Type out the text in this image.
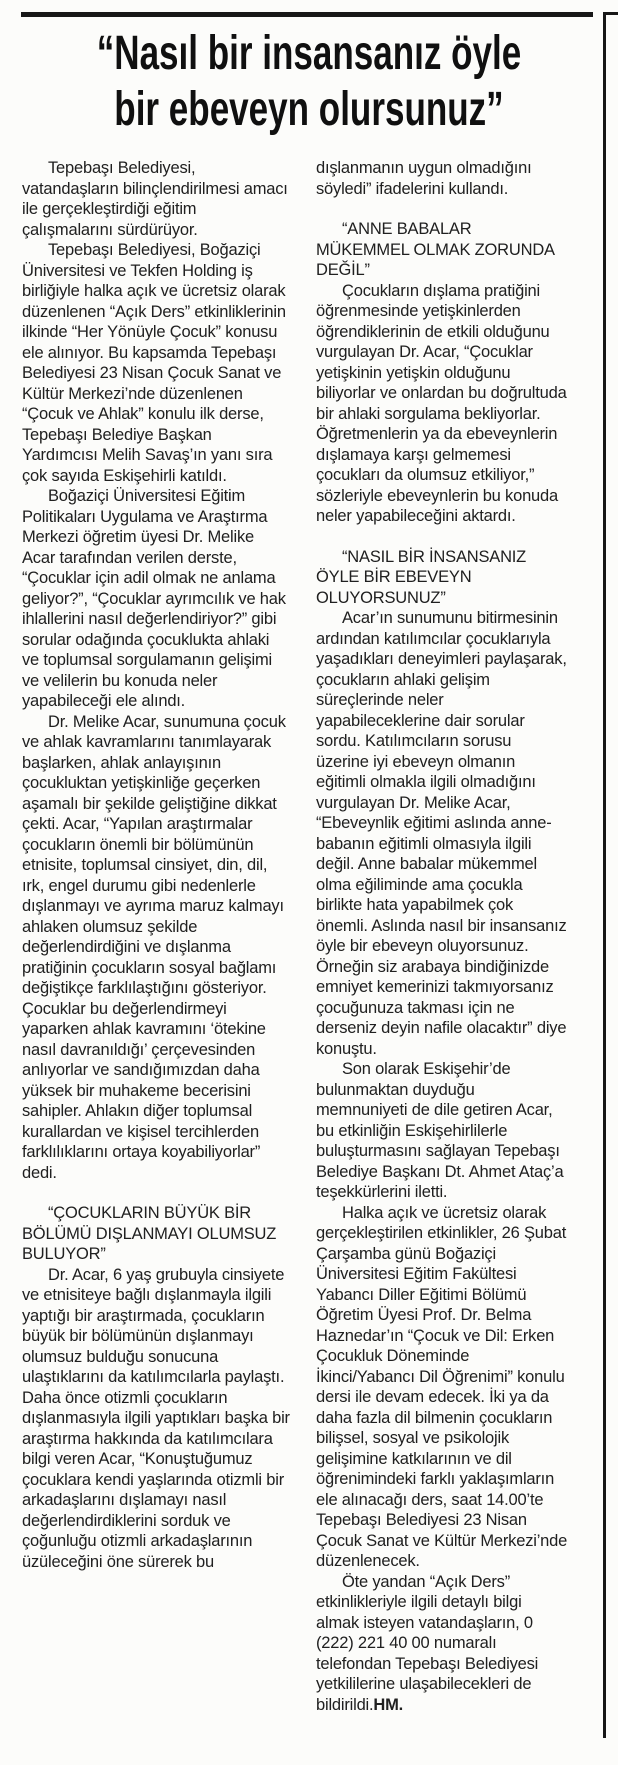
“Nasıl bir insansanız öyle
bir ebeveyn olursunuz”

Tepebaşı Belediyesi, vatandaşların bilinçlendirilmesi amacı ile gerçekleştirdiği eğitim çalışmalarını sürdürüyor.

Tepebaşı Belediyesi, Boğaziçi Üniversitesi ve Tekfen Holding iş birliğiyle halka açık ve ücretsiz olarak düzenlenen “Açık Ders” etkinliklerinin ilkinde “Her Yönüyle Çocuk” konusu ele alınıyor. Bu kapsamda Tepebaşı Belediyesi 23 Nisan Çocuk Sanat ve Kültür Merkezi’nde düzenlenen “Çocuk ve Ahlak” konulu ilk derse, Tepebaşı Belediye Başkan Yardımcısı Melih Savaş’ın yanı sıra çok sayıda Eskişehirli katıldı.

Boğaziçi Üniversitesi Eğitim Politikaları Uygulama ve Araştırma Merkezi öğretim üyesi Dr. Melike Acar tarafından verilen derste, “Çocuklar için adil olmak ne anlama geliyor?”, “Çocuklar ayrımcılık ve hak ihlallerini nasıl değerlendiriyor?” gibi sorular odağında çocuklukta ahlaki ve toplumsal sorgulamanın gelişimi ve velilerin bu konuda neler yapabileceği ele alındı.

Dr. Melike Acar, sunumuna çocuk ve ahlak kavramlarını tanımlayarak başlarken, ahlak anlayışının çocukluktan yetişkinliğe geçerken aşamalı bir şekilde geliştiğine dikkat çekti. Acar, “Yapılan araştırmalar çocukların önemli bir bölümünün etnisite, toplumsal cinsiyet, din, dil, ırk, engel durumu gibi nedenlerle dışlanmayı ve ayrıma maruz kalmayı ahlaken olumsuz şekilde değerlendirdiğini ve dışlanma pratiğinin çocukların sosyal bağlamı değiştikçe farklılaştığını gösteriyor. Çocuklar bu değerlendirmeyi yaparken ahlak kavramını ‘ötekine nasıl davranıldığı’ çerçevesinden anlıyorlar ve sandığımızdan daha yüksek bir muhakeme becerisini sahipler. Ahlakın diğer toplumsal kurallardan ve kişisel tercihlerden farklılıklarını ortaya koyabiliyorlar” dedi.

“ÇOCUKLARIN BÜYÜK BİR BÖLÜMÜ DIŞLANMAYI OLUMSUZ BULUYOR”

Dr. Acar, 6 yaş grubuyla cinsiyete ve etnisiteye bağlı dışlanmayla ilgili yaptığı bir araştırmada, çocukların büyük bir bölümünün dışlanmayı olumsuz bulduğu sonucuna ulaştıklarını da katılımcılarla paylaştı. Daha önce otizmli çocukların dışlanmasıyla ilgili yaptıkları başka bir araştırma hakkında da katılımcılara bilgi veren Acar, “Konuştuğumuz çocuklara kendi yaşlarında otizmli bir arkadaşlarını dışlamayı nasıl değerlendirdiklerini sorduk ve çoğunluğu otizmli arkadaşlarının üzüleceğini öne sürerek bu

dışlanmanın uygun olmadığını söyledi” ifadelerini kullandı.

“ANNE BABALAR MÜKEMMEL OLMAK ZORUNDA DEĞİL”

Çocukların dışlama pratiğini öğrenmesinde yetişkinlerden öğrendiklerinin de etkili olduğunu vurgulayan Dr. Acar, “Çocuklar yetişkinin yetişkin olduğunu biliyorlar ve onlardan bu doğrultuda bir ahlaki sorgulama bekliyorlar. Öğretmenlerin ya da ebeveynlerin dışlamaya karşı gelmemesi çocukları da olumsuz etkiliyor,” sözleriyle ebeveynlerin bu konuda neler yapabileceğini aktardı.

“NASIL BİR İNSANSANIZ ÖYLE BİR EBEVEYN OLUYORSUNUZ”

Acar’ın sunumunu bitirmesinin ardından katılımcılar çocuklarıyla yaşadıkları deneyimleri paylaşarak, çocukların ahlaki gelişim süreçlerinde neler yapabileceklerine dair sorular sordu. Katılımcıların sorusu üzerine iyi ebeveyn olmanın eğitimli olmakla ilgili olmadığını vurgulayan Dr. Melike Acar, “Ebeveynlik eğitimi aslında anne-babanın eğitimli olmasıyla ilgili değil. Anne babalar mükemmel olma eğiliminde ama çocukla birlikte hata yapabilmek çok önemli. Aslında nasıl bir insansanız öyle bir ebeveyn oluyorsunuz. Örneğin siz arabaya bindiğinizde emniyet kemerinizi takmıyorsanız çocuğunuza takması için ne derseniz deyin nafile olacaktır” diye konuştu.

Son olarak Eskişehir’de bulunmaktan duyduğu memnuniyeti de dile getiren Acar, bu etkinliğin Eskişehirlilerle buluşturmasını sağlayan Tepebaşı Belediye Başkanı Dt. Ahmet Ataç’a teşekkürlerini iletti.

Halka açık ve ücretsiz olarak gerçekleştirilen etkinlikler, 26 Şubat Çarşamba günü Boğaziçi Üniversitesi Eğitim Fakültesi Yabancı Diller Eğitimi Bölümü Öğretim Üyesi Prof. Dr. Belma Haznedar’ın “Çocuk ve Dil: Erken Çocukluk Döneminde İkinci/Yabancı Dil Öğrenimi” konulu dersi ile devam edecek. İki ya da daha fazla dil bilmenin çocukların bilişsel, sosyal ve psikolojik gelişimine katkılarının ve dil öğrenimindeki farklı yaklaşımların ele alınacağı ders, saat 14.00’te Tepebaşı Belediyesi 23 Nisan Çocuk Sanat ve Kültür Merkezi’nde düzenlenecek.

Öte yandan “Açık Ders” etkinlikleriyle ilgili detaylı bilgi almak isteyen vatandaşların, 0 (222) 221 40 00 numaralı telefondan Tepebaşı Belediyesi yetkililerine ulaşabilecekleri de bildirildi.HM.
